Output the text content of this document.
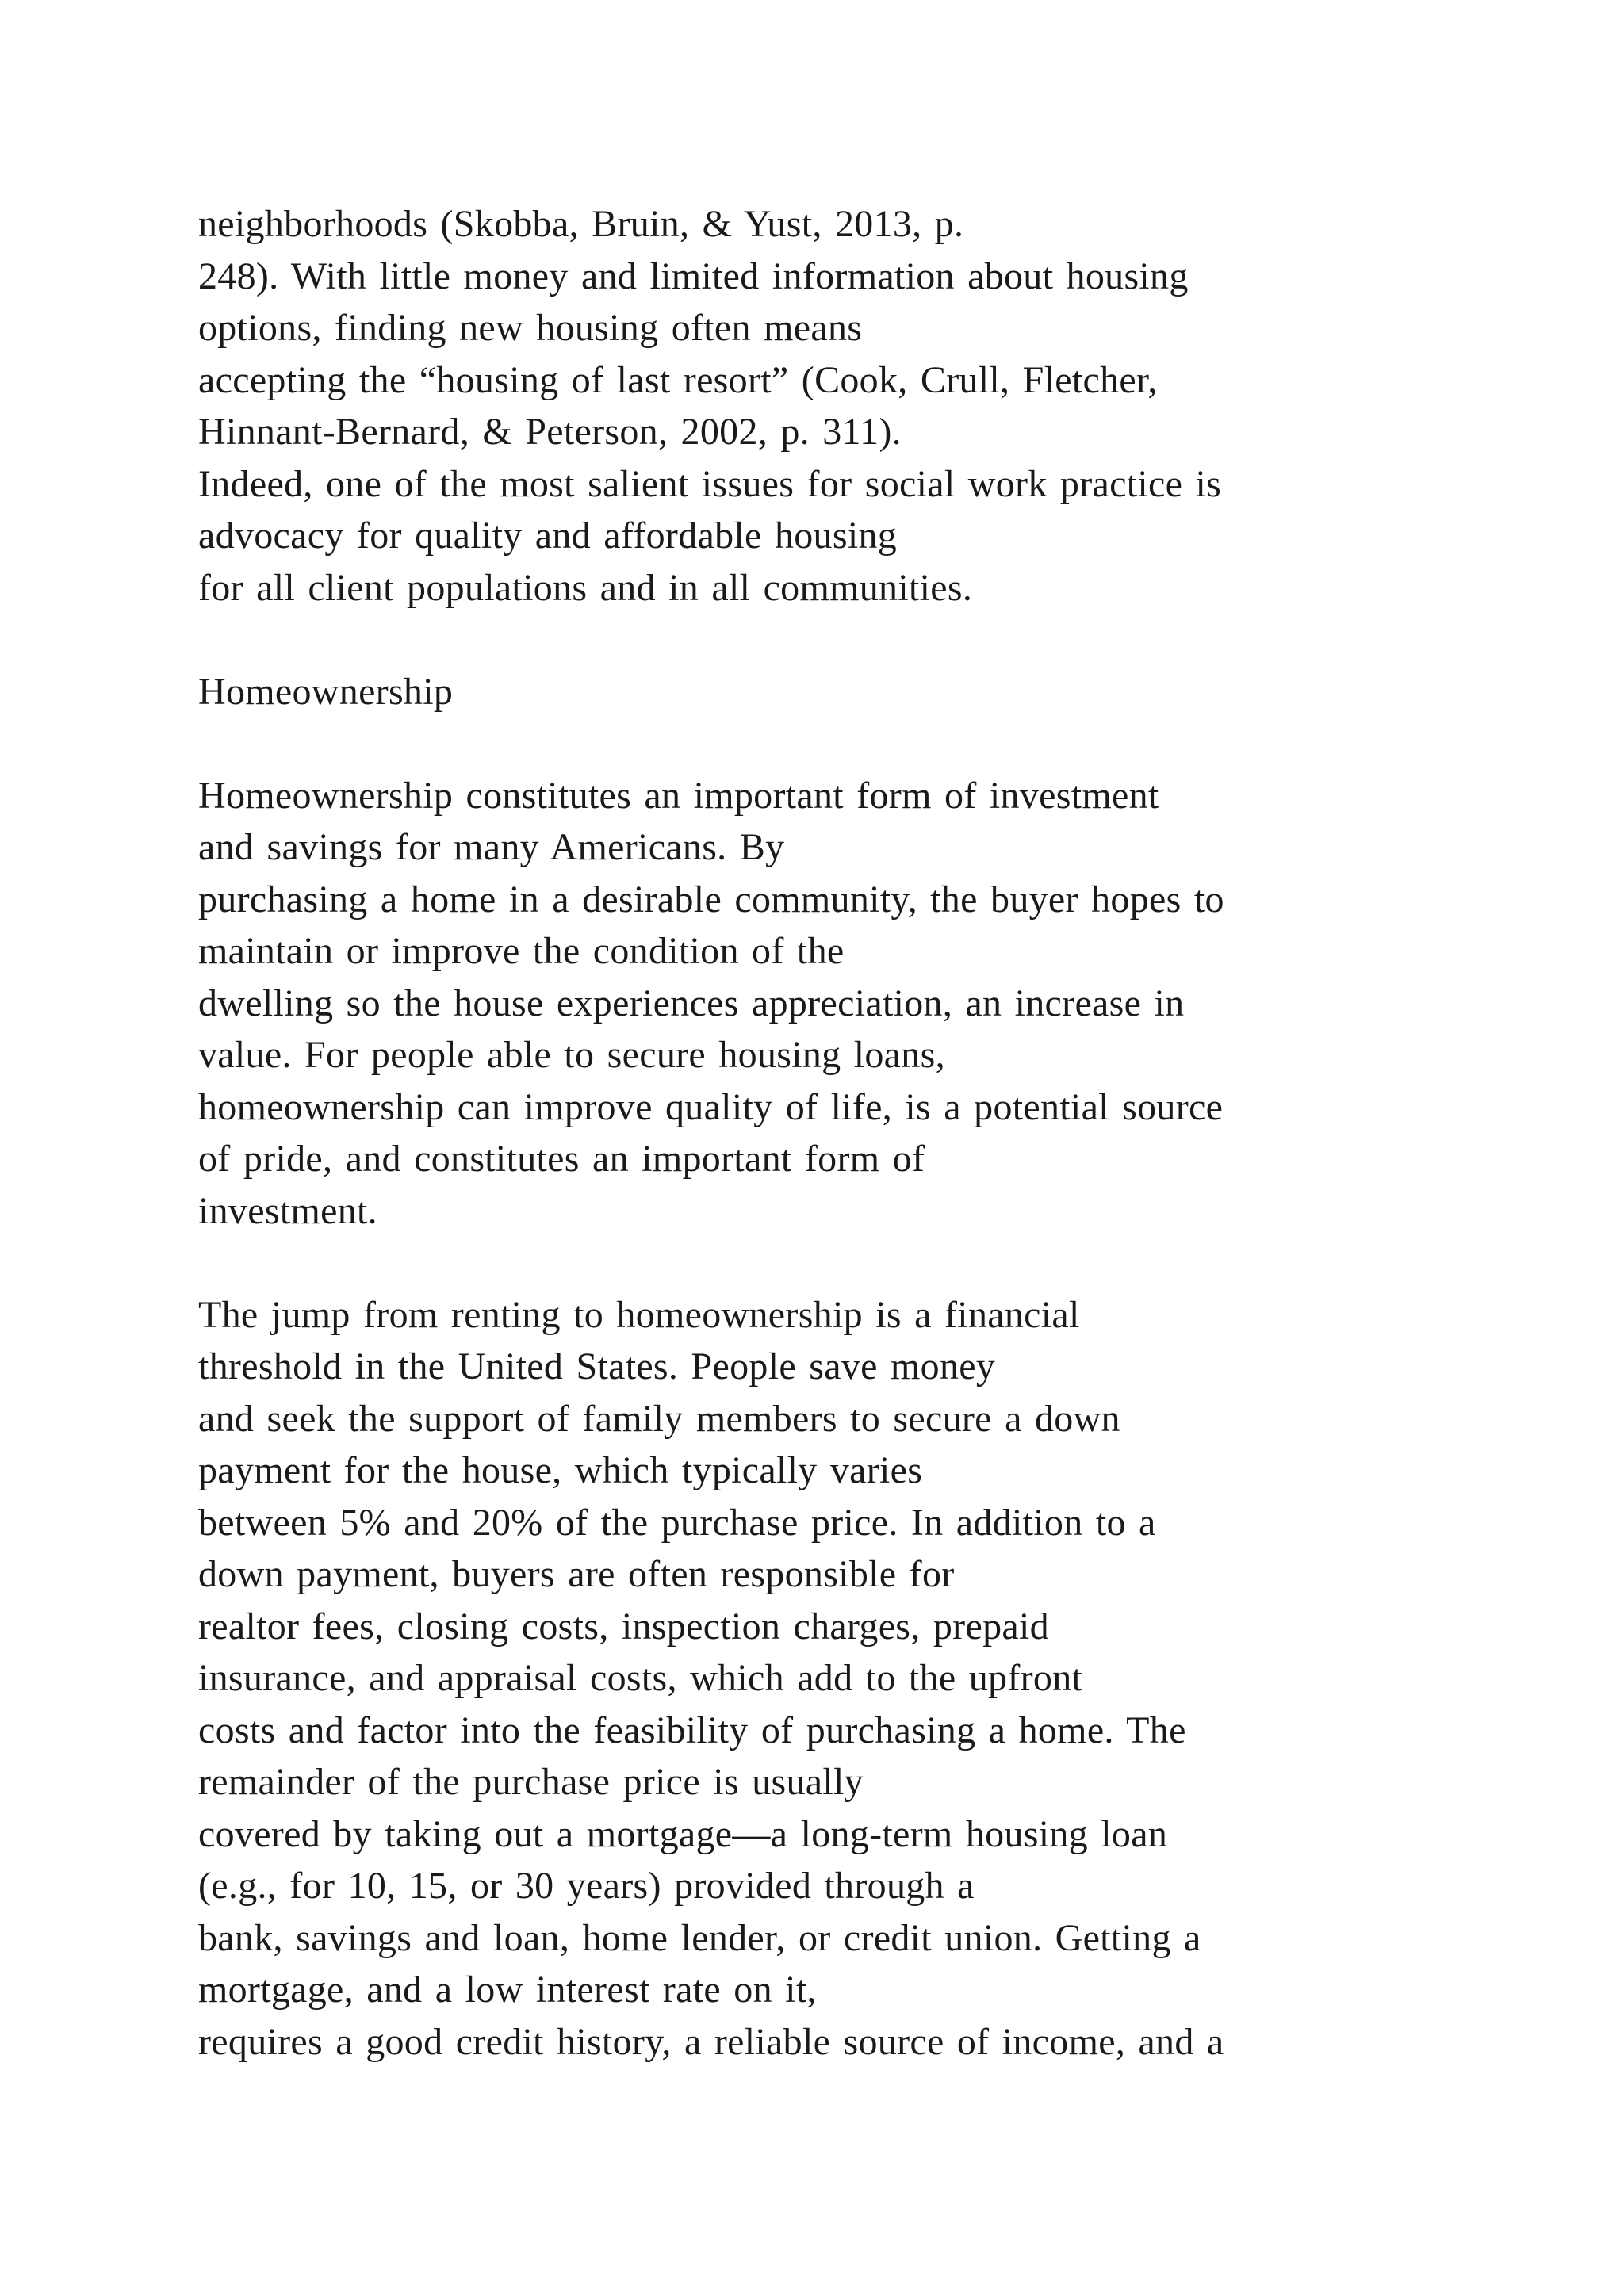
neighborhoods (Skobba, Bruin, & Yust, 2013, p.
248). With little money and limited information about housing
options, finding new housing often means
accepting the “housing of last resort” (Cook, Crull, Fletcher,
Hinnant-Bernard, & Peterson, 2002, p. 311).
Indeed, one of the most salient issues for social work practice is
advocacy for quality and affordable housing
for all client populations and in all communities.
Homeownership
Homeownership constitutes an important form of investment
and savings for many Americans. By
purchasing a home in a desirable community, the buyer hopes to
maintain or improve the condition of the
dwelling so the house experiences appreciation, an increase in
value. For people able to secure housing loans,
homeownership can improve quality of life, is a potential source
of pride, and constitutes an important form of
investment.
The jump from renting to homeownership is a financial
threshold in the United States. People save money
and seek the support of family members to secure a down
payment for the house, which typically varies
between 5% and 20% of the purchase price. In addition to a
down payment, buyers are often responsible for
realtor fees, closing costs, inspection charges, prepaid
insurance, and appraisal costs, which add to the upfront
costs and factor into the feasibility of purchasing a home. The
remainder of the purchase price is usually
covered by taking out a mortgage—a long-term housing loan
(e.g., for 10, 15, or 30 years) provided through a
bank, savings and loan, home lender, or credit union. Getting a
mortgage, and a low interest rate on it,
requires a good credit history, a reliable source of income, and a
